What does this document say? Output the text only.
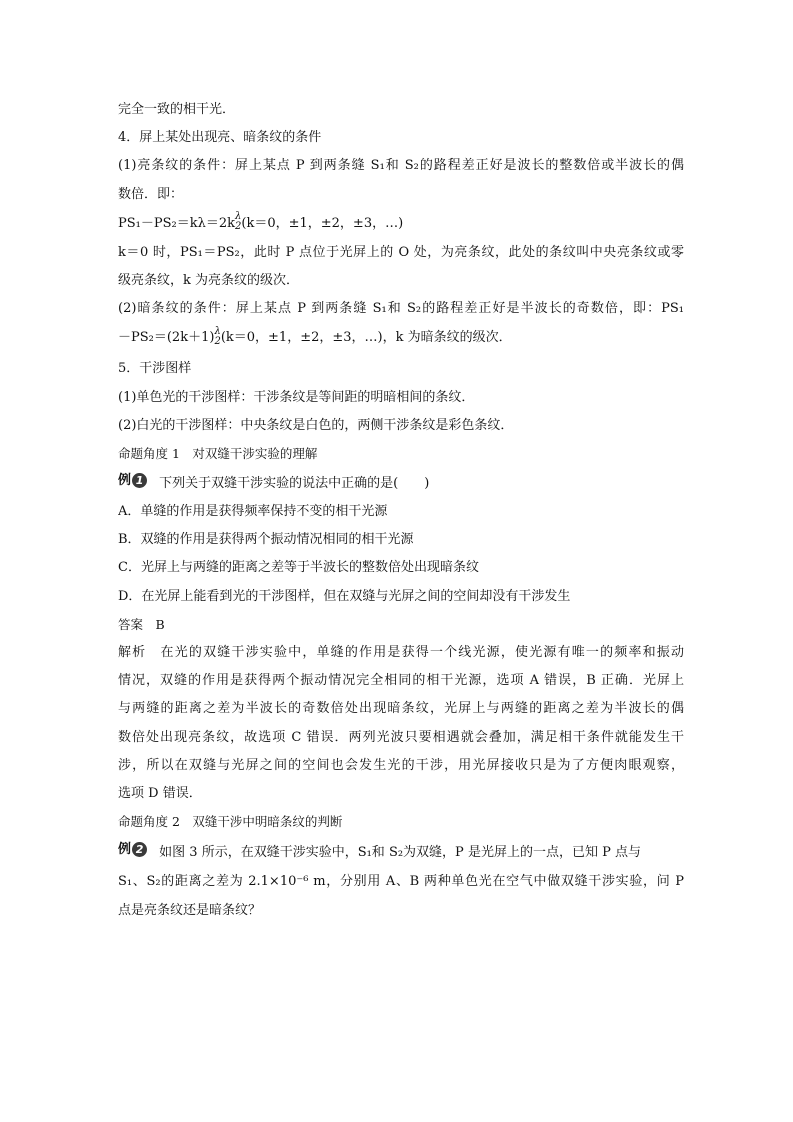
完全一致的相干光．
4．屏上某处出现亮、暗条纹的条件
(1)亮条纹的条件：屏上某点 P 到两条缝 S₁和 S₂的路程差正好是波长的整数倍或半波长的偶
数倍．即：
PS₁－PS₂＝kλ＝2k λ
2 (k＝0，±1，±2，±3，…)
k＝0 时，PS₁＝PS₂，此时 P 点位于光屏上的 O 处，为亮条纹，此处的条纹叫中央亮条纹或零
级亮条纹，k 为亮条纹的级次．
(2)暗条纹的条件：屏上某点 P 到两条缝 S₁和 S₂的路程差正好是半波长的奇数倍，即：PS₁
－PS₂＝(2k＋1) λ
2 (k＝0，±1，±2，±3，…)，k 为暗条纹的级次．
5．干涉图样
(1)单色光的干涉图样：干涉条纹是等间距的明暗相间的条纹．
(2)白光的干涉图样：中央条纹是白色的，两侧干涉条纹是彩色条纹．
命题角度 1　对双缝干涉实验的理解
例 1 下列关于双缝干涉实验的说法中正确的是(　　)
A．单缝的作用是获得频率保持不变的相干光源
B．双缝的作用是获得两个振动情况相同的相干光源
C．光屏上与两缝的距离之差等于半波长的整数倍处出现暗条纹
D．在光屏上能看到光的干涉图样，但在双缝与光屏之间的空间却没有干涉发生
答案　B
解析　在光的双缝干涉实验中，单缝的作用是获得一个线光源，使光源有唯一的频率和振动
情况，双缝的作用是获得两个振动情况完全相同的相干光源，选项 A 错误，B 正确．光屏上
与两缝的距离之差为半波长的奇数倍处出现暗条纹，光屏上与两缝的距离之差为半波长的偶
数倍处出现亮条纹，故选项 C 错误．两列光波只要相遇就会叠加，满足相干条件就能发生干
涉，所以在双缝与光屏之间的空间也会发生光的干涉，用光屏接收只是为了方便肉眼观察，
选项 D 错误．
命题角度 2　双缝干涉中明暗条纹的判断
例 2 如图 3 所示，在双缝干涉实验中，S₁和 S₂为双缝，P 是光屏上的一点，已知 P 点与
S₁、S₂的距离之差为 2.1×10⁻⁶ m，分别用 A、B 两种单色光在空气中做双缝干涉实验，问 P
点是亮条纹还是暗条纹？
